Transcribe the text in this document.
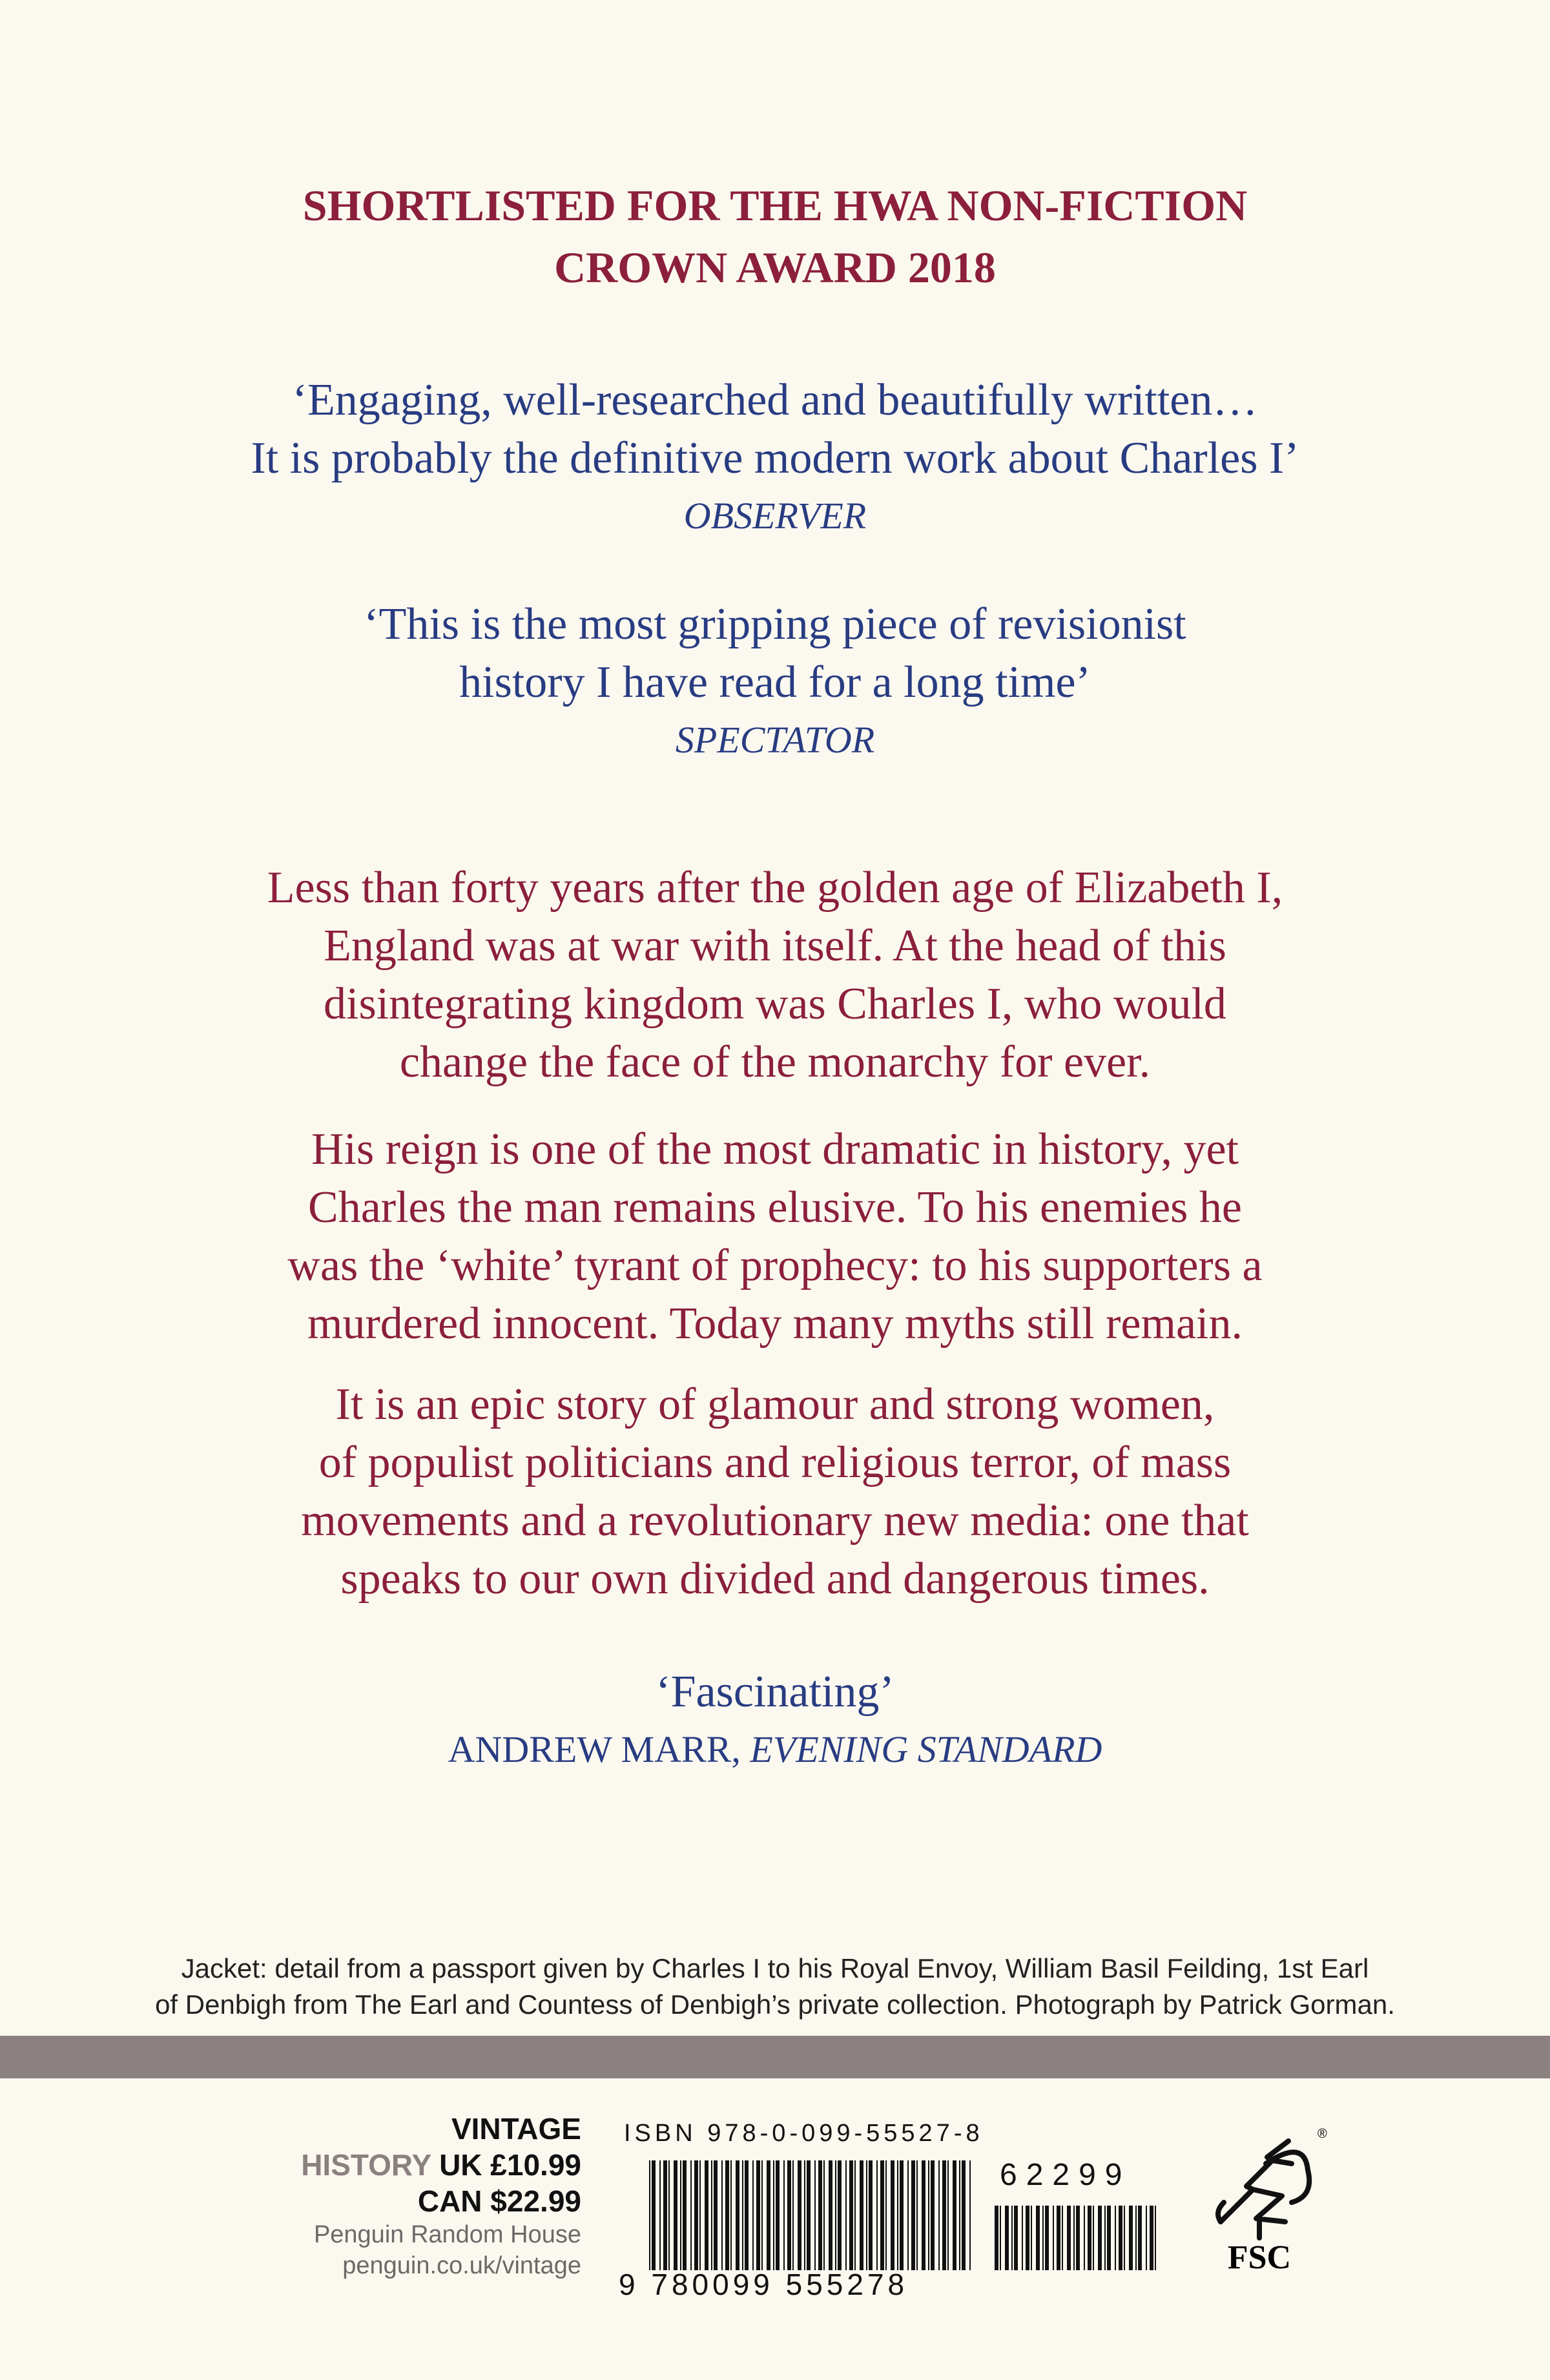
SHORTLISTED FOR THE HWA NON-FICTION
CROWN AWARD 2018
‘Engaging, well-researched and beautifully written…
It is probably the definitive modern work about Charles I’
OBSERVER
‘This is the most gripping piece of revisionist
history I have read for a long time’
SPECTATOR
Less than forty years after the golden age of Elizabeth I,
England was at war with itself. At the head of this
disintegrating kingdom was Charles I, who would
change the face of the monarchy for ever.
His reign is one of the most dramatic in history, yet
Charles the man remains elusive. To his enemies he
was the ‘white’ tyrant of prophecy: to his supporters a
murdered innocent. Today many myths still remain.
It is an epic story of glamour and strong women,
of populist politicians and religious terror, of mass
movements and a revolutionary new media: one that
speaks to our own divided and dangerous times.
‘Fascinating’
ANDREW MARR, EVENING STANDARD
Jacket: detail from a passport given by Charles I to his Royal Envoy, William Basil Feilding, 1st Earl
of Denbigh from The Earl and Countess of Denbigh’s private collection. Photograph by Patrick Gorman.
VINTAGE
HISTORY UK £10.99
CAN $22.99
Penguin Random House
penguin.co.uk/vintage
ISBN 978-0-099-55527-8
62299
9 780099 555278
®
FSC
